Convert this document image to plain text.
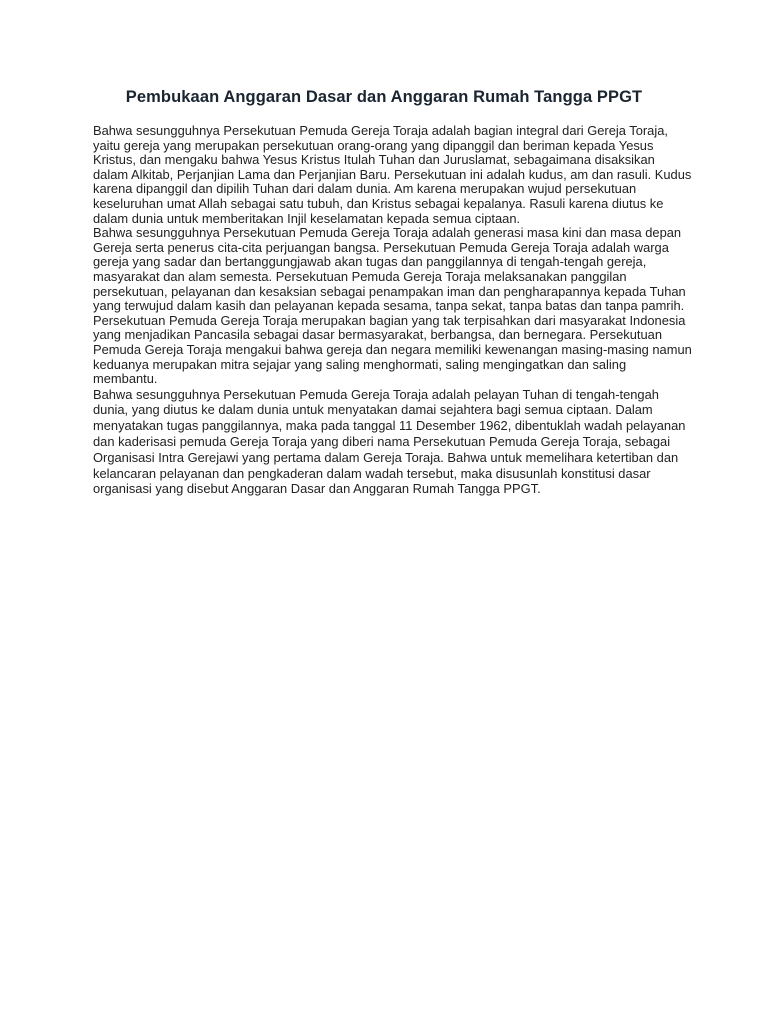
Pembukaan Anggaran Dasar dan Anggaran Rumah Tangga PPGT

Bahwa sesungguhnya Persekutuan Pemuda Gereja Toraja adalah bagian integral dari Gereja Toraja, yaitu gereja yang merupakan persekutuan orang-orang yang dipanggil dan beriman kepada Yesus Kristus, dan mengaku bahwa Yesus Kristus Itulah Tuhan dan Juruslamat, sebagaimana disaksikan dalam Alkitab, Perjanjian Lama dan Perjanjian Baru. Persekutuan ini adalah kudus, am dan rasuli. Kudus karena dipanggil dan dipilih Tuhan dari dalam dunia. Am karena merupakan wujud persekutuan keseluruhan umat Allah sebagai satu tubuh, dan Kristus sebagai kepalanya. Rasuli karena diutus ke dalam dunia untuk memberitakan Injil keselamatan kepada semua ciptaan.

Bahwa sesungguhnya Persekutuan Pemuda Gereja Toraja adalah generasi masa kini dan masa depan Gereja serta penerus cita-cita perjuangan bangsa. Persekutuan Pemuda Gereja Toraja adalah warga gereja yang sadar dan bertanggungjawab akan tugas dan panggilannya di tengah-tengah gereja, masyarakat dan alam semesta. Persekutuan Pemuda Gereja Toraja melaksanakan panggilan persekutuan, pelayanan dan kesaksian sebagai penampakan iman dan pengharapannya kepada Tuhan yang terwujud dalam kasih dan pelayanan kepada sesama, tanpa sekat, tanpa batas dan tanpa pamrih. Persekutuan Pemuda Gereja Toraja merupakan bagian yang tak terpisahkan dari masyarakat Indonesia yang menjadikan Pancasila sebagai dasar bermasyarakat, berbangsa, dan bernegara. Persekutuan Pemuda Gereja Toraja mengakui bahwa gereja dan negara memiliki kewenangan masing-masing namun keduanya merupakan mitra sejajar yang saling menghormati, saling mengingatkan dan saling membantu.

Bahwa sesungguhnya Persekutuan Pemuda Gereja Toraja adalah pelayan Tuhan di tengah-tengah dunia, yang diutus ke dalam dunia untuk menyatakan damai sejahtera bagi semua ciptaan. Dalam menyatakan tugas panggilannya, maka pada tanggal 11 Desember 1962, dibentuklah wadah pelayanan dan kaderisasi pemuda Gereja Toraja yang diberi nama Persekutuan Pemuda Gereja Toraja, sebagai Organisasi Intra Gerejawi yang pertama dalam Gereja Toraja. Bahwa untuk memelihara ketertiban dan kelancaran pelayanan dan pengkaderan dalam wadah tersebut, maka disusunlah konstitusi dasar organisasi yang disebut Anggaran Dasar dan Anggaran Rumah Tangga PPGT.
